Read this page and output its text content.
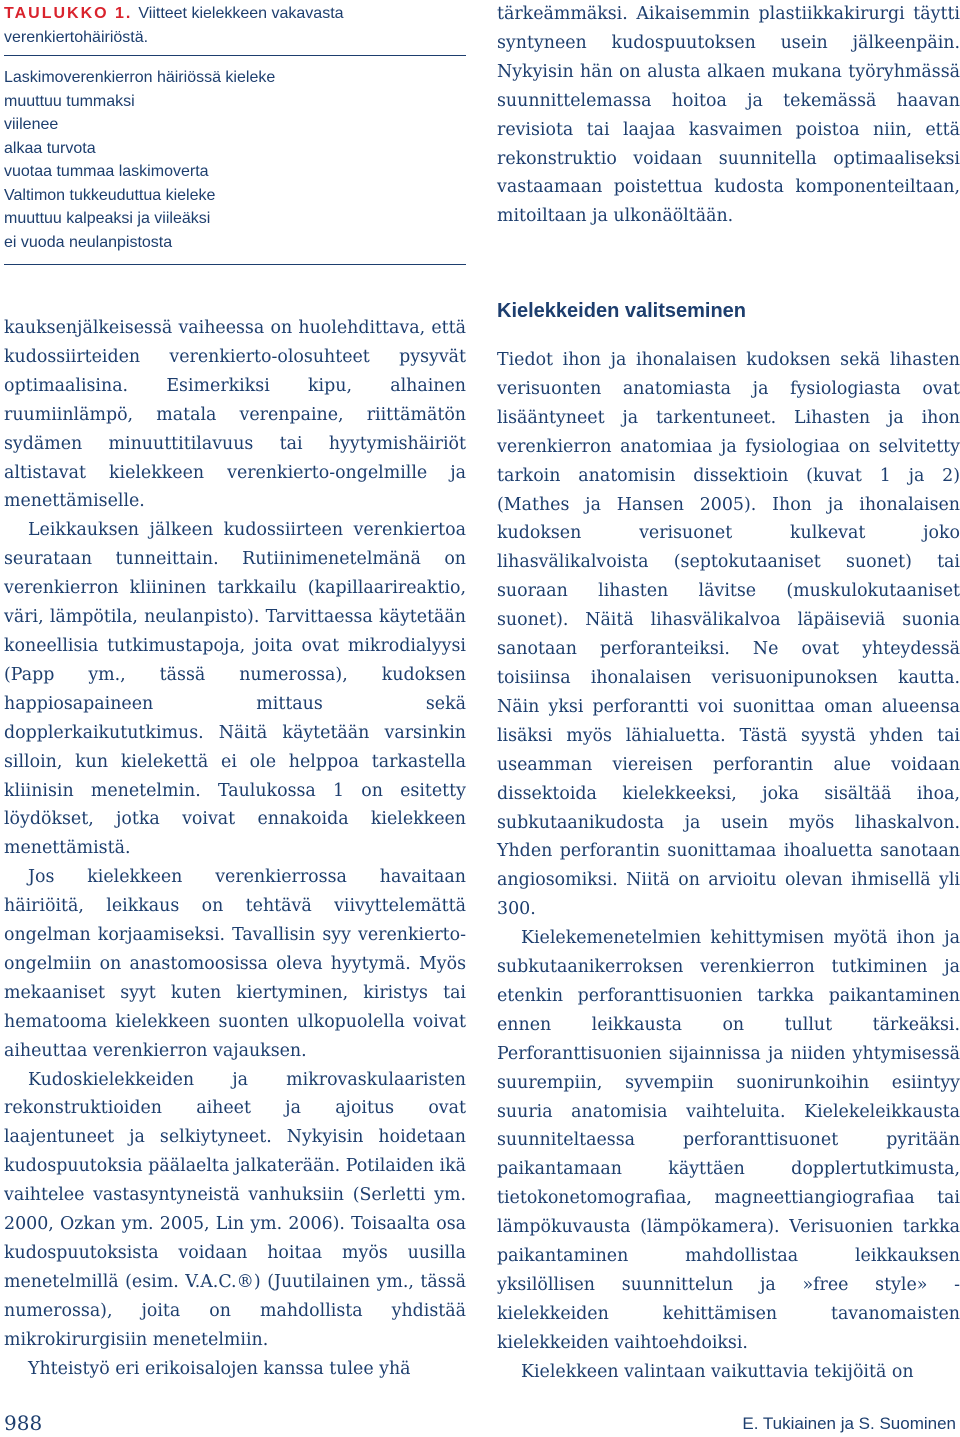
TAULUKKO 1. Viitteet kielekkeen vakavasta verenkiertohäiriöstä.

Laskimoverenkierron häiriössä kieleke
muuttuu tummaksi
viilenee
alkaa turvota
vuotaa tummaa laskimoverta
Valtimon tukkeuduttua kieleke
muuttuu kalpeaksi ja viileäksi
ei vuoda neulanpistosta

kauksenjälkeisessä vaiheessa on huolehdittava, että kudossiirteiden verenkierto-olosuhteet pysyvät optimaalisina. Esimerkiksi kipu, alhainen ruumiinlämpö, matala verenpaine, riittämätön sydämen minuuttitilavuus tai hyytymishäiriöt altistavat kielekkeen verenkierto-ongelmille ja menettämiselle.

Leikkauksen jälkeen kudossiirteen verenkiertoa seurataan tunneittain. Rutiinimenetelmänä on verenkierron kliininen tarkkailu (kapillaarireaktio, väri, lämpötila, neulanpisto). Tarvittaessa käytetään koneellisia tutkimustapoja, joita ovat mikrodialyysi (Papp ym., tässä numerossa), kudoksen happiosapaineen mittaus sekä dopplerkaikututkimus. Näitä käytetään varsinkin silloin, kun kielekettä ei ole helppoa tarkastella kliinisin menetelmin. Taulukossa 1 on esitetty löydökset, jotka voivat ennakoida kielekkeen menettämistä.

Jos kielekkeen verenkierrossa havaitaan häiriöitä, leikkaus on tehtävä viivyttelemättä ongelman korjaamiseksi. Tavallisin syy verenkierto-ongelmiin on anastomoosissa oleva hyytymä. Myös mekaaniset syyt kuten kiertyminen, kiristys tai hematooma kielekkeen suonten ulkopuolella voivat aiheuttaa verenkierron vajauksen.

Kudoskielekkeiden ja mikrovaskulaaristen rekonstruktioiden aiheet ja ajoitus ovat laajentuneet ja selkiytyneet. Nykyisin hoidetaan kudospuutoksia päälaelta jalkaterään. Potilaiden ikä vaihtelee vastasyntyneistä vanhuksiin (Serletti ym. 2000, Ozkan ym. 2005, Lin ym. 2006). Toisaalta osa kudospuutoksista voidaan hoitaa myös uusilla menetelmillä (esim. V.A.C.®) (Juutilainen ym., tässä numerossa), joita on mahdollista yhdistää mikrokirurgisiin menetelmiin.

Yhteistyö eri erikoisalojen kanssa tulee yhä

tärkeämmäksi. Aikaisemmin plastiikkakirurgi täytti syntyneen kudospuutoksen usein jälkeenpäin. Nykyisin hän on alusta alkaen mukana työryhmässä suunnittelemassa hoitoa ja tekemässä haavan revisiota tai laajaa kasvaimen poistoa niin, että rekonstruktio voidaan suunnitella optimaaliseksi vastaamaan poistettua kudosta komponenteiltaan, mitoiltaan ja ulkonäöltään.

Kielekkeiden valitseminen

Tiedot ihon ja ihonalaisen kudoksen sekä lihasten verisuonten anatomiasta ja fysiologiasta ovat lisääntyneet ja tarkentuneet. Lihasten ja ihon verenkierron anatomiaa ja fysiologiaa on selvitetty tarkoin anatomisin dissektioin (kuvat 1 ja 2) (Mathes ja Hansen 2005). Ihon ja ihonalaisen kudoksen verisuonet kulkevat joko lihasvälikalvoista (septokutaaniset suonet) tai suoraan lihasten lävitse (muskulokutaaniset suonet). Näitä lihasvälikalvoa läpäiseviä suonia sanotaan perforanteiksi. Ne ovat yhteydessä toisiinsa ihonalaisen verisuonipunoksen kautta. Näin yksi perforantti voi suonittaa oman alueensa lisäksi myös lähialuetta. Tästä syystä yhden tai useamman viereisen perforantin alue voidaan dissektoida kielekkeeksi, joka sisältää ihoa, subkutaanikudosta ja usein myös lihaskalvon. Yhden perforantin suonittamaa ihoaluetta sanotaan angiosomiksi. Niitä on arvioitu olevan ihmisellä yli 300.

Kielekemenetelmien kehittymisen myötä ihon ja subkutaanikerroksen verenkierron tutkiminen ja etenkin perforanttisuonien tarkka paikantaminen ennen leikkausta on tullut tärkeäksi. Perforanttisuonien sijainnissa ja niiden yhtymisessä suurempiin, syvempiin suonirunkoihin esiintyy suuria anatomisia vaihteluita. Kielekeleikkausta suunniteltaessa perforanttisuonet pyritään paikantamaan käyttäen dopplertutkimusta, tietokonetomografiaa, magneettiangiografiaa tai lämpökuvausta (lämpökamera). Verisuonien tarkka paikantaminen mahdollistaa leikkauksen yksilöllisen suunnittelun ja »free style» -kielekkeiden kehittämisen tavanomaisten kielekkeiden vaihtoehdoiksi.

Kielekkeen valintaan vaikuttavia tekijöitä on

988	E. Tukiainen ja S. Suominen
